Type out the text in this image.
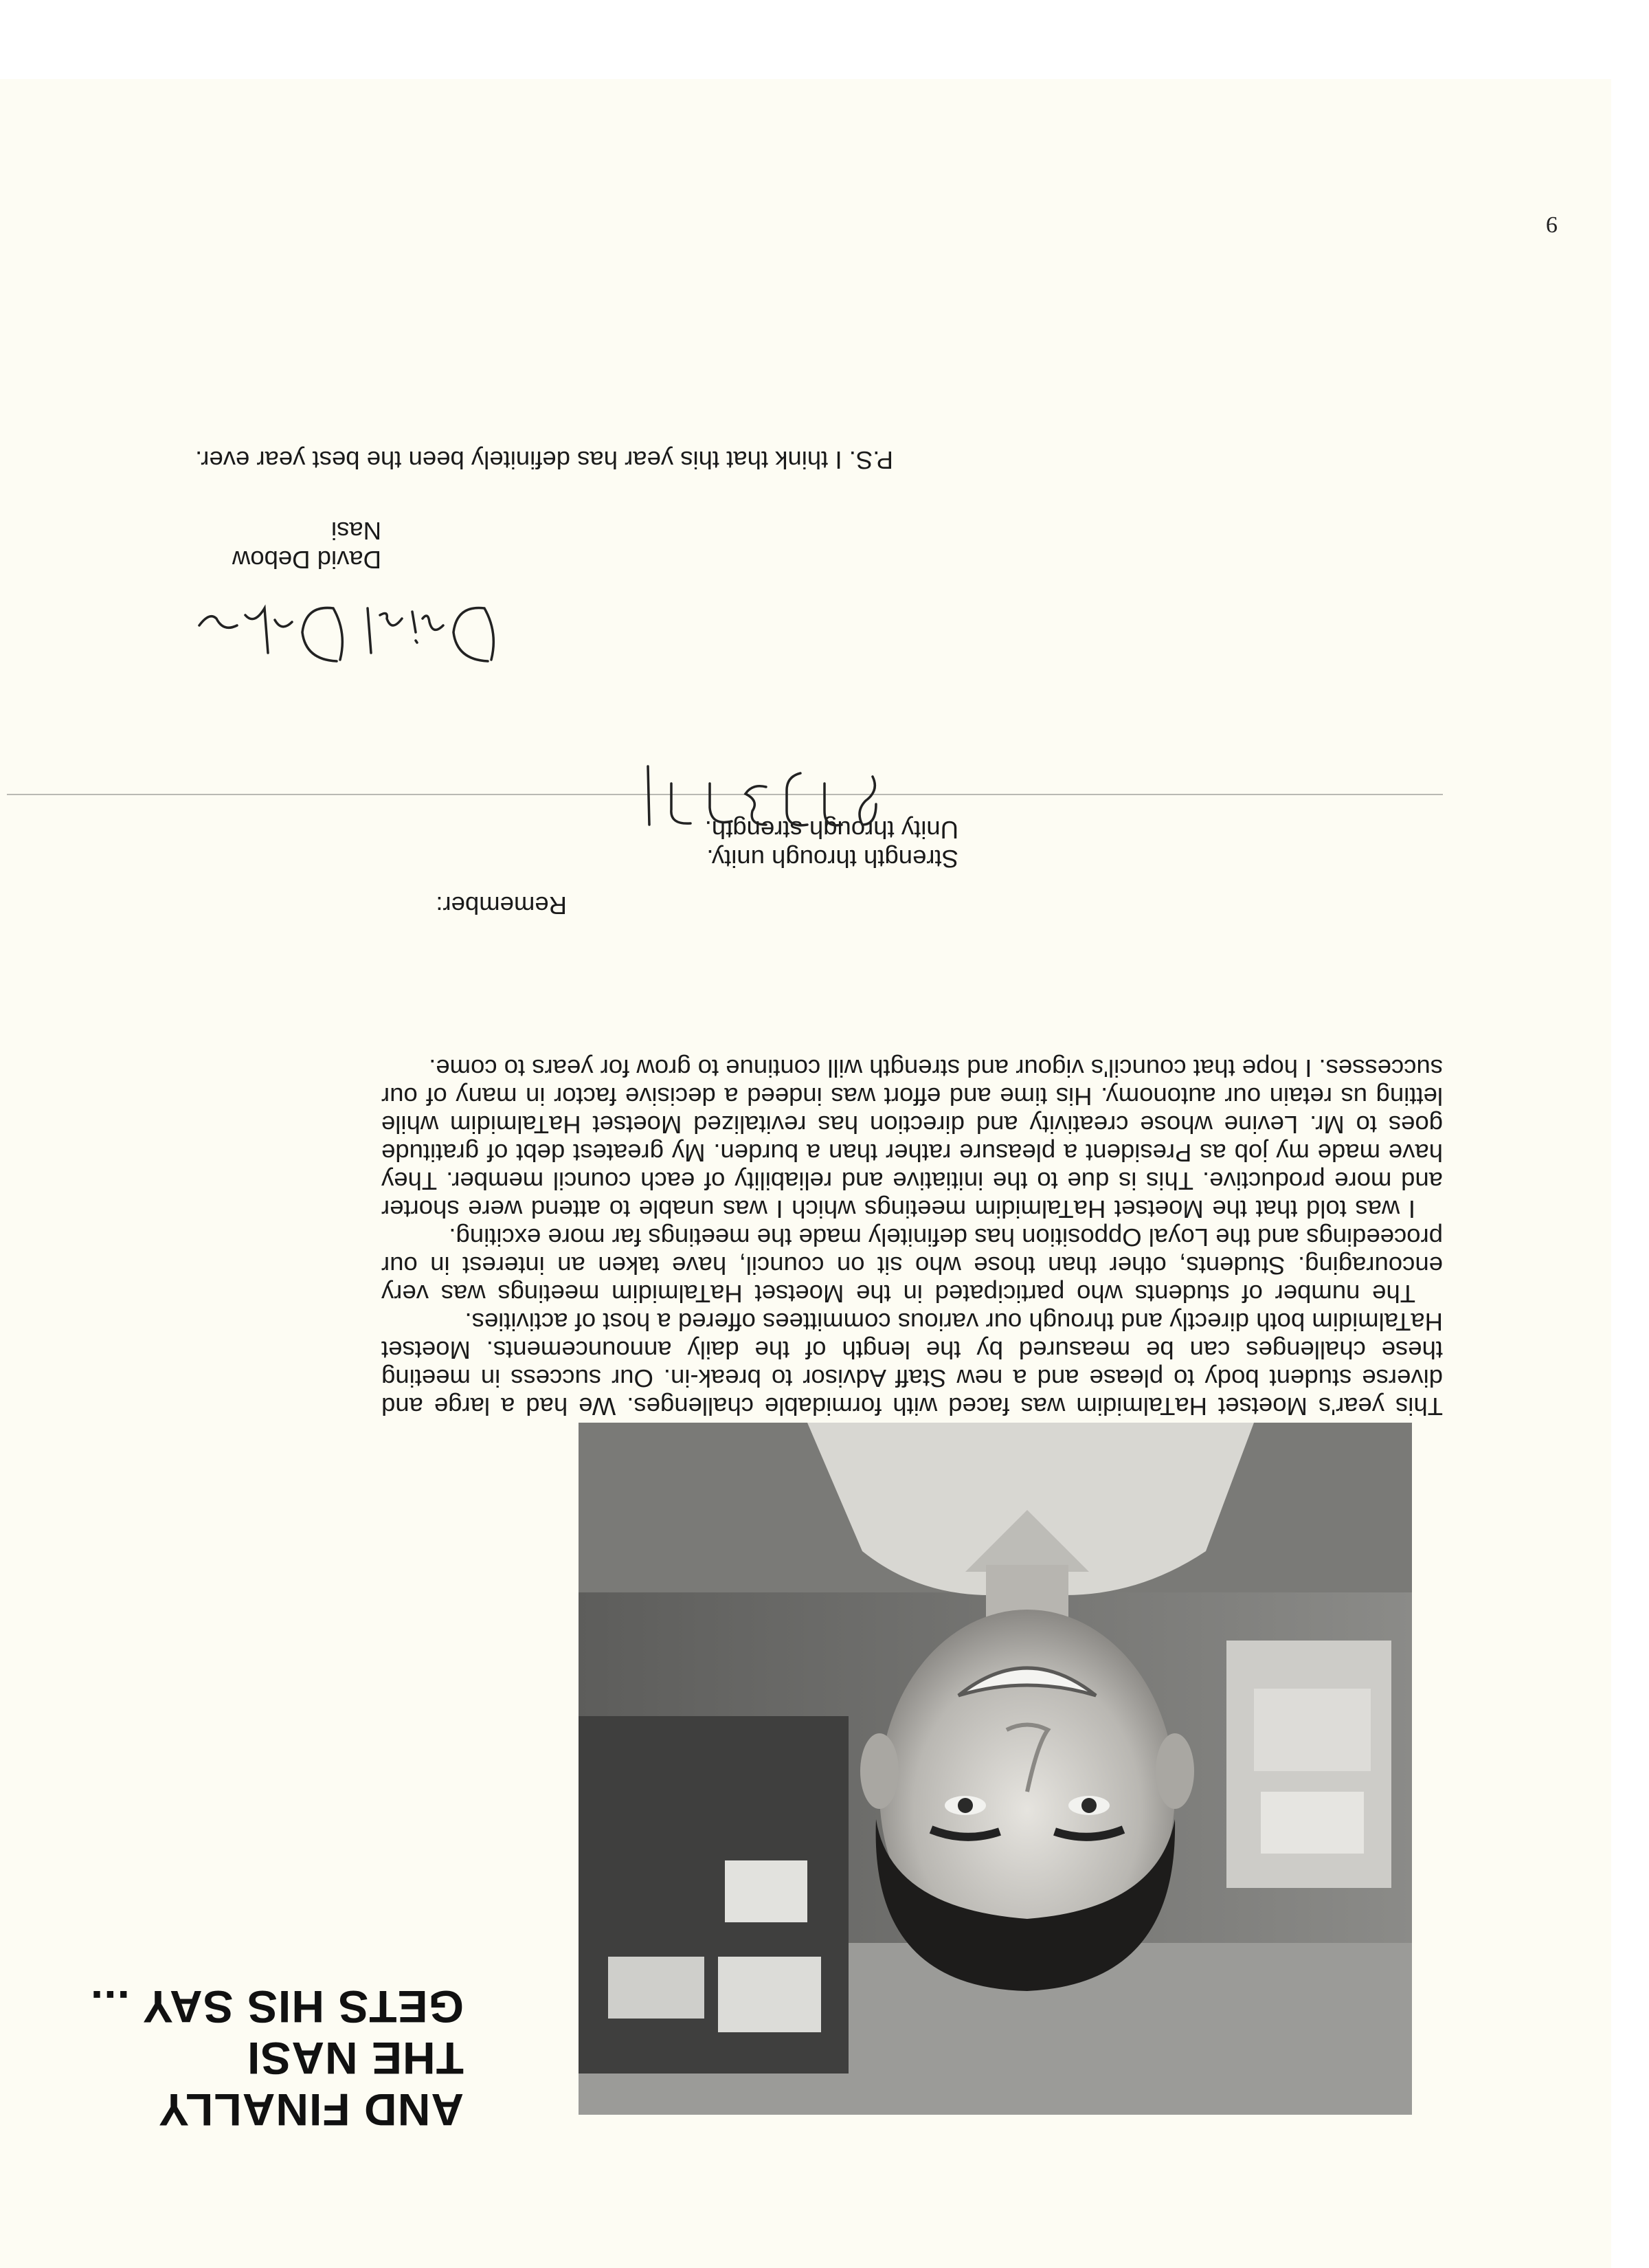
9
AND FINALLY
THE NASI
GETS HIS SAY ...

This year's Moetset HaTalmidim was faced with formidable challenges. We had a large and diverse student body to please and a new Staff Advisor to break-in. Our success in meeting these challenges can be measured by the length of the daily announcements. Moetset HaTalmidim both directly and through our various committees offered a host of activities.

The number of students who participated in the Moetset HaTalmidim meetings was very encouraging. Students, other than those who sit on council, have taken an interest in our proceedings and the Loyal Opposition has definitely made the meetings far more exciting.

I was told that the Moetset HaTalmidim meetings which I was unable to attend were shorter and more productive. This is due to the initiative and reliability of each council member. They have made my job as President a pleasure rather than a burden. My greatest debt of gratitude goes to Mr. Levine whose creativity and direction has revitalized Moetset HaTalmidim while letting us retain our autonomy. His time and effort was indeed a decisive factor in many of our successes. I hope that council's vigour and strength will continue to grow for years to come.

Remember:
Strength through unity.
Unity through strength.
David Debow
Nasi
P.S. I think that this year has definitely been the best year ever.
